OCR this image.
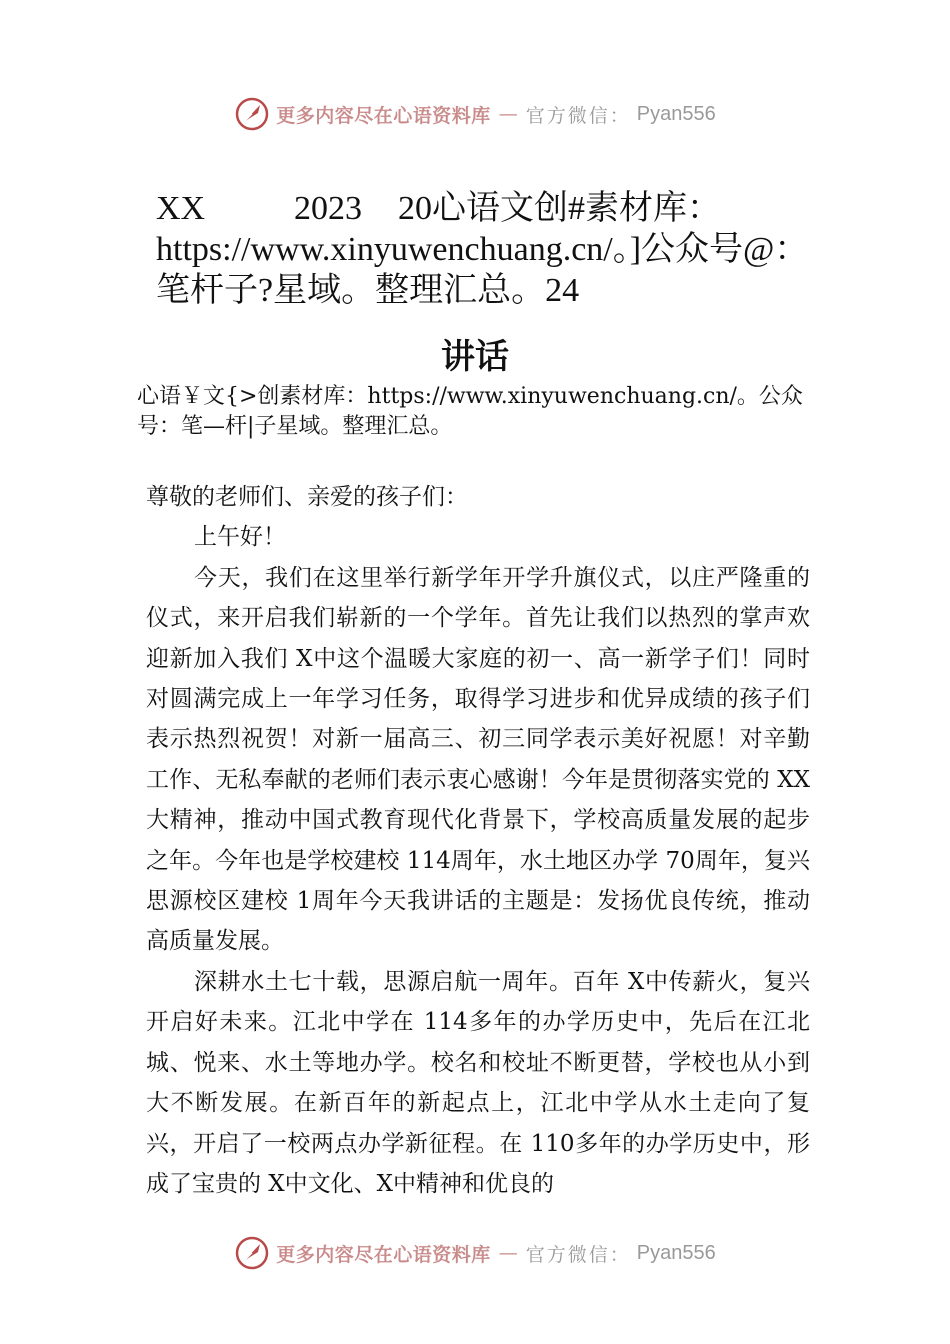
更多内容尽在心语资料库 — 官方微信： Pyan556
XX	2023 20心语文创#素材库：
https://www.xinyuwenchuang.cn/。]公众号@：
笔杆子?星域。整理汇总。24
讲话
心语￥文{>创素材库：https://www.xinyuwenchuang.cn/。公众号：笔—杆|子星域。整理汇总。

尊敬的老师们、亲爱的孩子们：

上午好！

今天，我们在这里举行新学年开学升旗仪式，以庄严隆重的仪式，来开启我们崭新的一个学年。首先让我们以热烈的掌声欢迎新加入我们 X中这个温暖大家庭的初一、高一新学子们！同时对圆满完成上一年学习任务，取得学习进步和优异成绩的孩子们表示热烈祝贺！对新一届高三、初三同学表示美好祝愿！对辛勤工作、无私奉献的老师们表示衷心感谢！今年是贯彻落实党的 XX大精神，推动中国式教育现代化背景下，学校高质量发展的起步之年。今年也是学校建校 114周年，水土地区办学 70周年，复兴思源校区建校 1周年今天我讲话的主题是：发扬优良传统，推动高质量发展。

深耕水土七十载，思源启航一周年。百年 X中传薪火，复兴开启好未来。江北中学在 114多年的办学历史中，先后在江北城、悦来、水土等地办学。校名和校址不断更替，学校也从小到大不断发展。在新百年的新起点上，江北中学从水土走向了复兴，开启了一校两点办学新征程。在 110多年的办学历史中，形成了宝贵的 X中文化、X中精神和优良的

更多内容尽在心语资料库 — 官方微信： Pyan556
